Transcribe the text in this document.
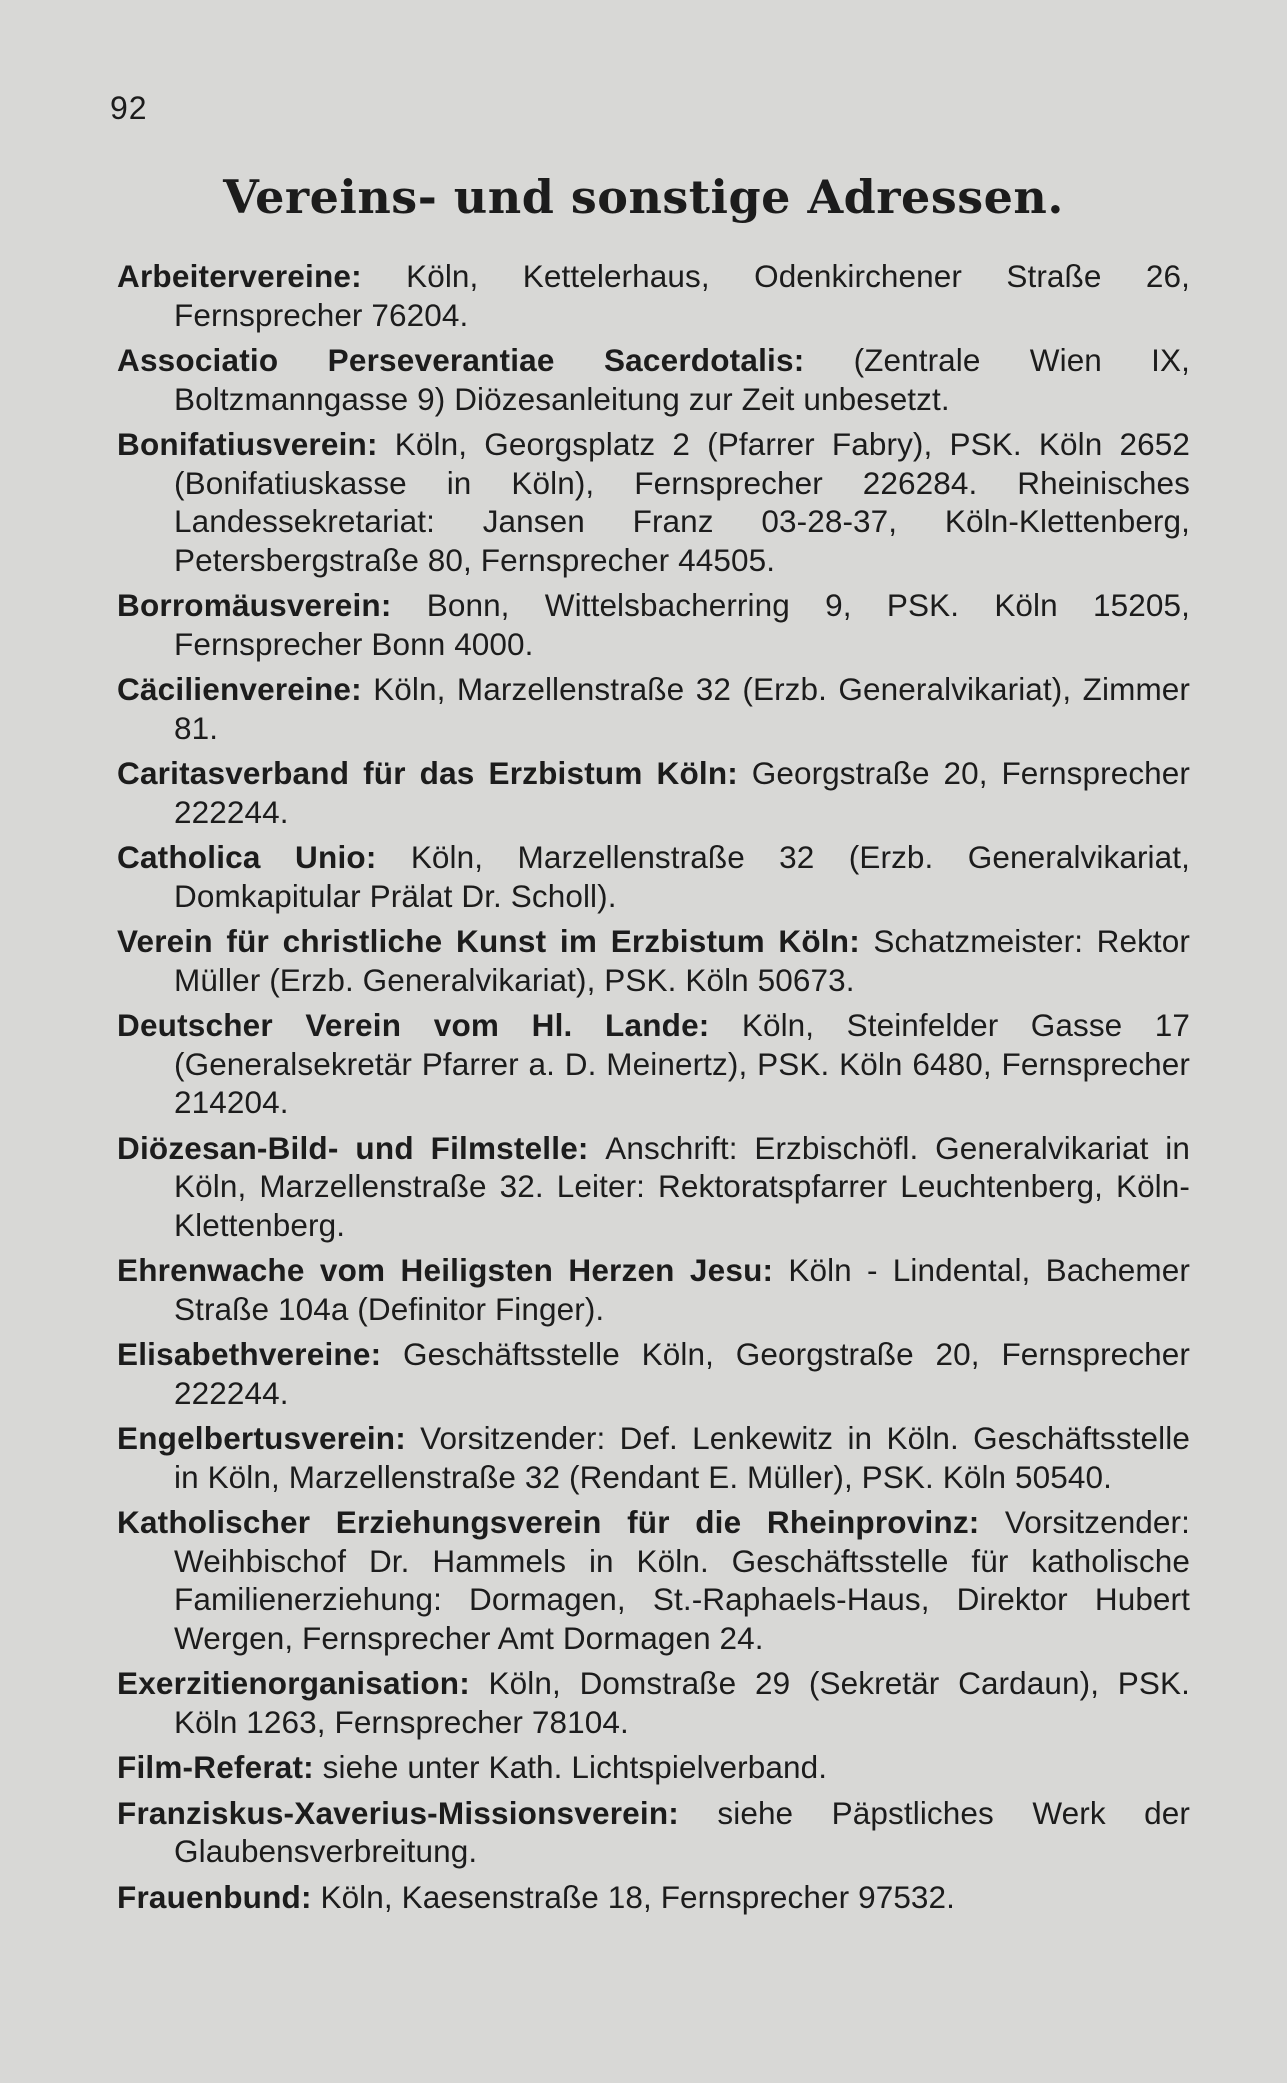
92
Vereins- und sonstige Adressen.

Arbeitervereine: Köln, Kettelerhaus, Odenkirchener Straße 26, Fernsprecher 76204.

Associatio Perseverantiae Sacerdotalis: (Zentrale Wien IX, Boltzmanngasse 9) Diözesanleitung zur Zeit unbesetzt.

Bonifatiusverein: Köln, Georgsplatz 2 (Pfarrer Fabry), PSK. Köln 2652 (Bonifatiuskasse in Köln), Fernsprecher 226284. Rheinisches Landessekretariat: Jansen Franz 03-28-37, Köln-Klettenberg, Petersbergstraße 80, Fernsprecher 44505.

Borromäusverein: Bonn, Wittelsbacherring 9, PSK. Köln 15205, Fernsprecher Bonn 4000.

Cäcilienvereine: Köln, Marzellenstraße 32 (Erzb. Generalvikariat), Zimmer 81.

Caritasverband für das Erzbistum Köln: Georgstraße 20, Fernsprecher 222244.

Catholica Unio: Köln, Marzellenstraße 32 (Erzb. Generalvikariat, Domkapitular Prälat Dr. Scholl).

Verein für christliche Kunst im Erzbistum Köln: Schatzmeister: Rektor Müller (Erzb. Generalvikariat), PSK. Köln 50673.

Deutscher Verein vom Hl. Lande: Köln, Steinfelder Gasse 17 (Generalsekretär Pfarrer a. D. Meinertz), PSK. Köln 6480, Fernsprecher 214204.

Diözesan-Bild- und Filmstelle: Anschrift: Erzbischöfl. Generalvikariat in Köln, Marzellenstraße 32. Leiter: Rektoratspfarrer Leuchtenberg, Köln-Klettenberg.

Ehrenwache vom Heiligsten Herzen Jesu: Köln - Lindental, Bachemer Straße 104a (Definitor Finger).

Elisabethvereine: Geschäftsstelle Köln, Georgstraße 20, Fernsprecher 222244.

Engelbertusverein: Vorsitzender: Def. Lenkewitz in Köln. Geschäftsstelle in Köln, Marzellenstraße 32 (Rendant E. Müller), PSK. Köln 50540.

Katholischer Erziehungsverein für die Rheinprovinz: Vorsitzender: Weihbischof Dr. Hammels in Köln. Geschäftsstelle für katholische Familienerziehung: Dormagen, St.-Raphaels-Haus, Direktor Hubert Wergen, Fernsprecher Amt Dormagen 24.

Exerzitienorganisation: Köln, Domstraße 29 (Sekretär Cardaun), PSK. Köln 1263, Fernsprecher 78104.

Film-Referat: siehe unter Kath. Lichtspielverband.

Franziskus-Xaverius-Missionsverein: siehe Päpstliches Werk der Glaubensverbreitung.

Frauenbund: Köln, Kaesenstraße 18, Fernsprecher 97532.
